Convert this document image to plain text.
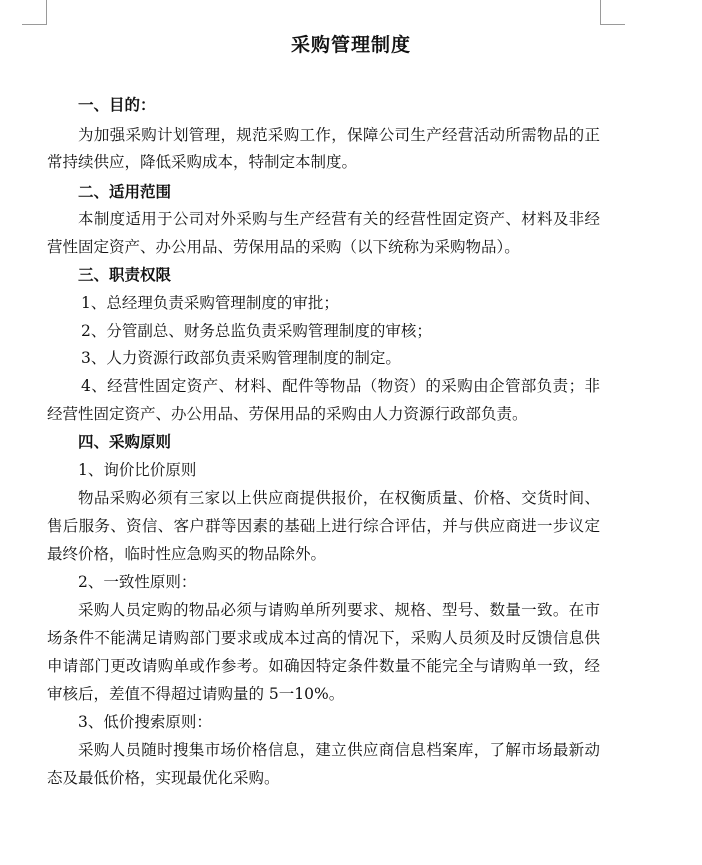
采购管理制度
一、目的：
为加强采购计划管理，规范采购工作，保障公司生产经营活动所需物品的正
常持续供应，降低采购成本，特制定本制度。
二、适用范围
本制度适用于公司对外采购与生产经营有关的经营性固定资产、材料及非经
营性固定资产、办公用品、劳保用品的采购（以下统称为采购物品）。
三、职责权限
1、总经理负责采购管理制度的审批；
2、分管副总、财务总监负责采购管理制度的审核；
3、人力资源行政部负责采购管理制度的制定。
4、经营性固定资产、材料、配件等物品（物资）的采购由企管部负责；非
经营性固定资产、办公用品、劳保用品的采购由人力资源行政部负责。
四、采购原则
1、询价比价原则
物品采购必须有三家以上供应商提供报价，在权衡质量、价格、交货时间、
售后服务、资信、客户群等因素的基础上进行综合评估，并与供应商进一步议定
最终价格，临时性应急购买的物品除外。
2、一致性原则：
采购人员定购的物品必须与请购单所列要求、规格、型号、数量一致。在市
场条件不能满足请购部门要求或成本过高的情况下，采购人员须及时反馈信息供
申请部门更改请购单或作参考。如确因特定条件数量不能完全与请购单一致，经
审核后，差值不得超过请购量的 5一10%。
3、低价搜索原则：
采购人员随时搜集市场价格信息，建立供应商信息档案库，了解市场最新动
态及最低价格，实现最优化采购。
